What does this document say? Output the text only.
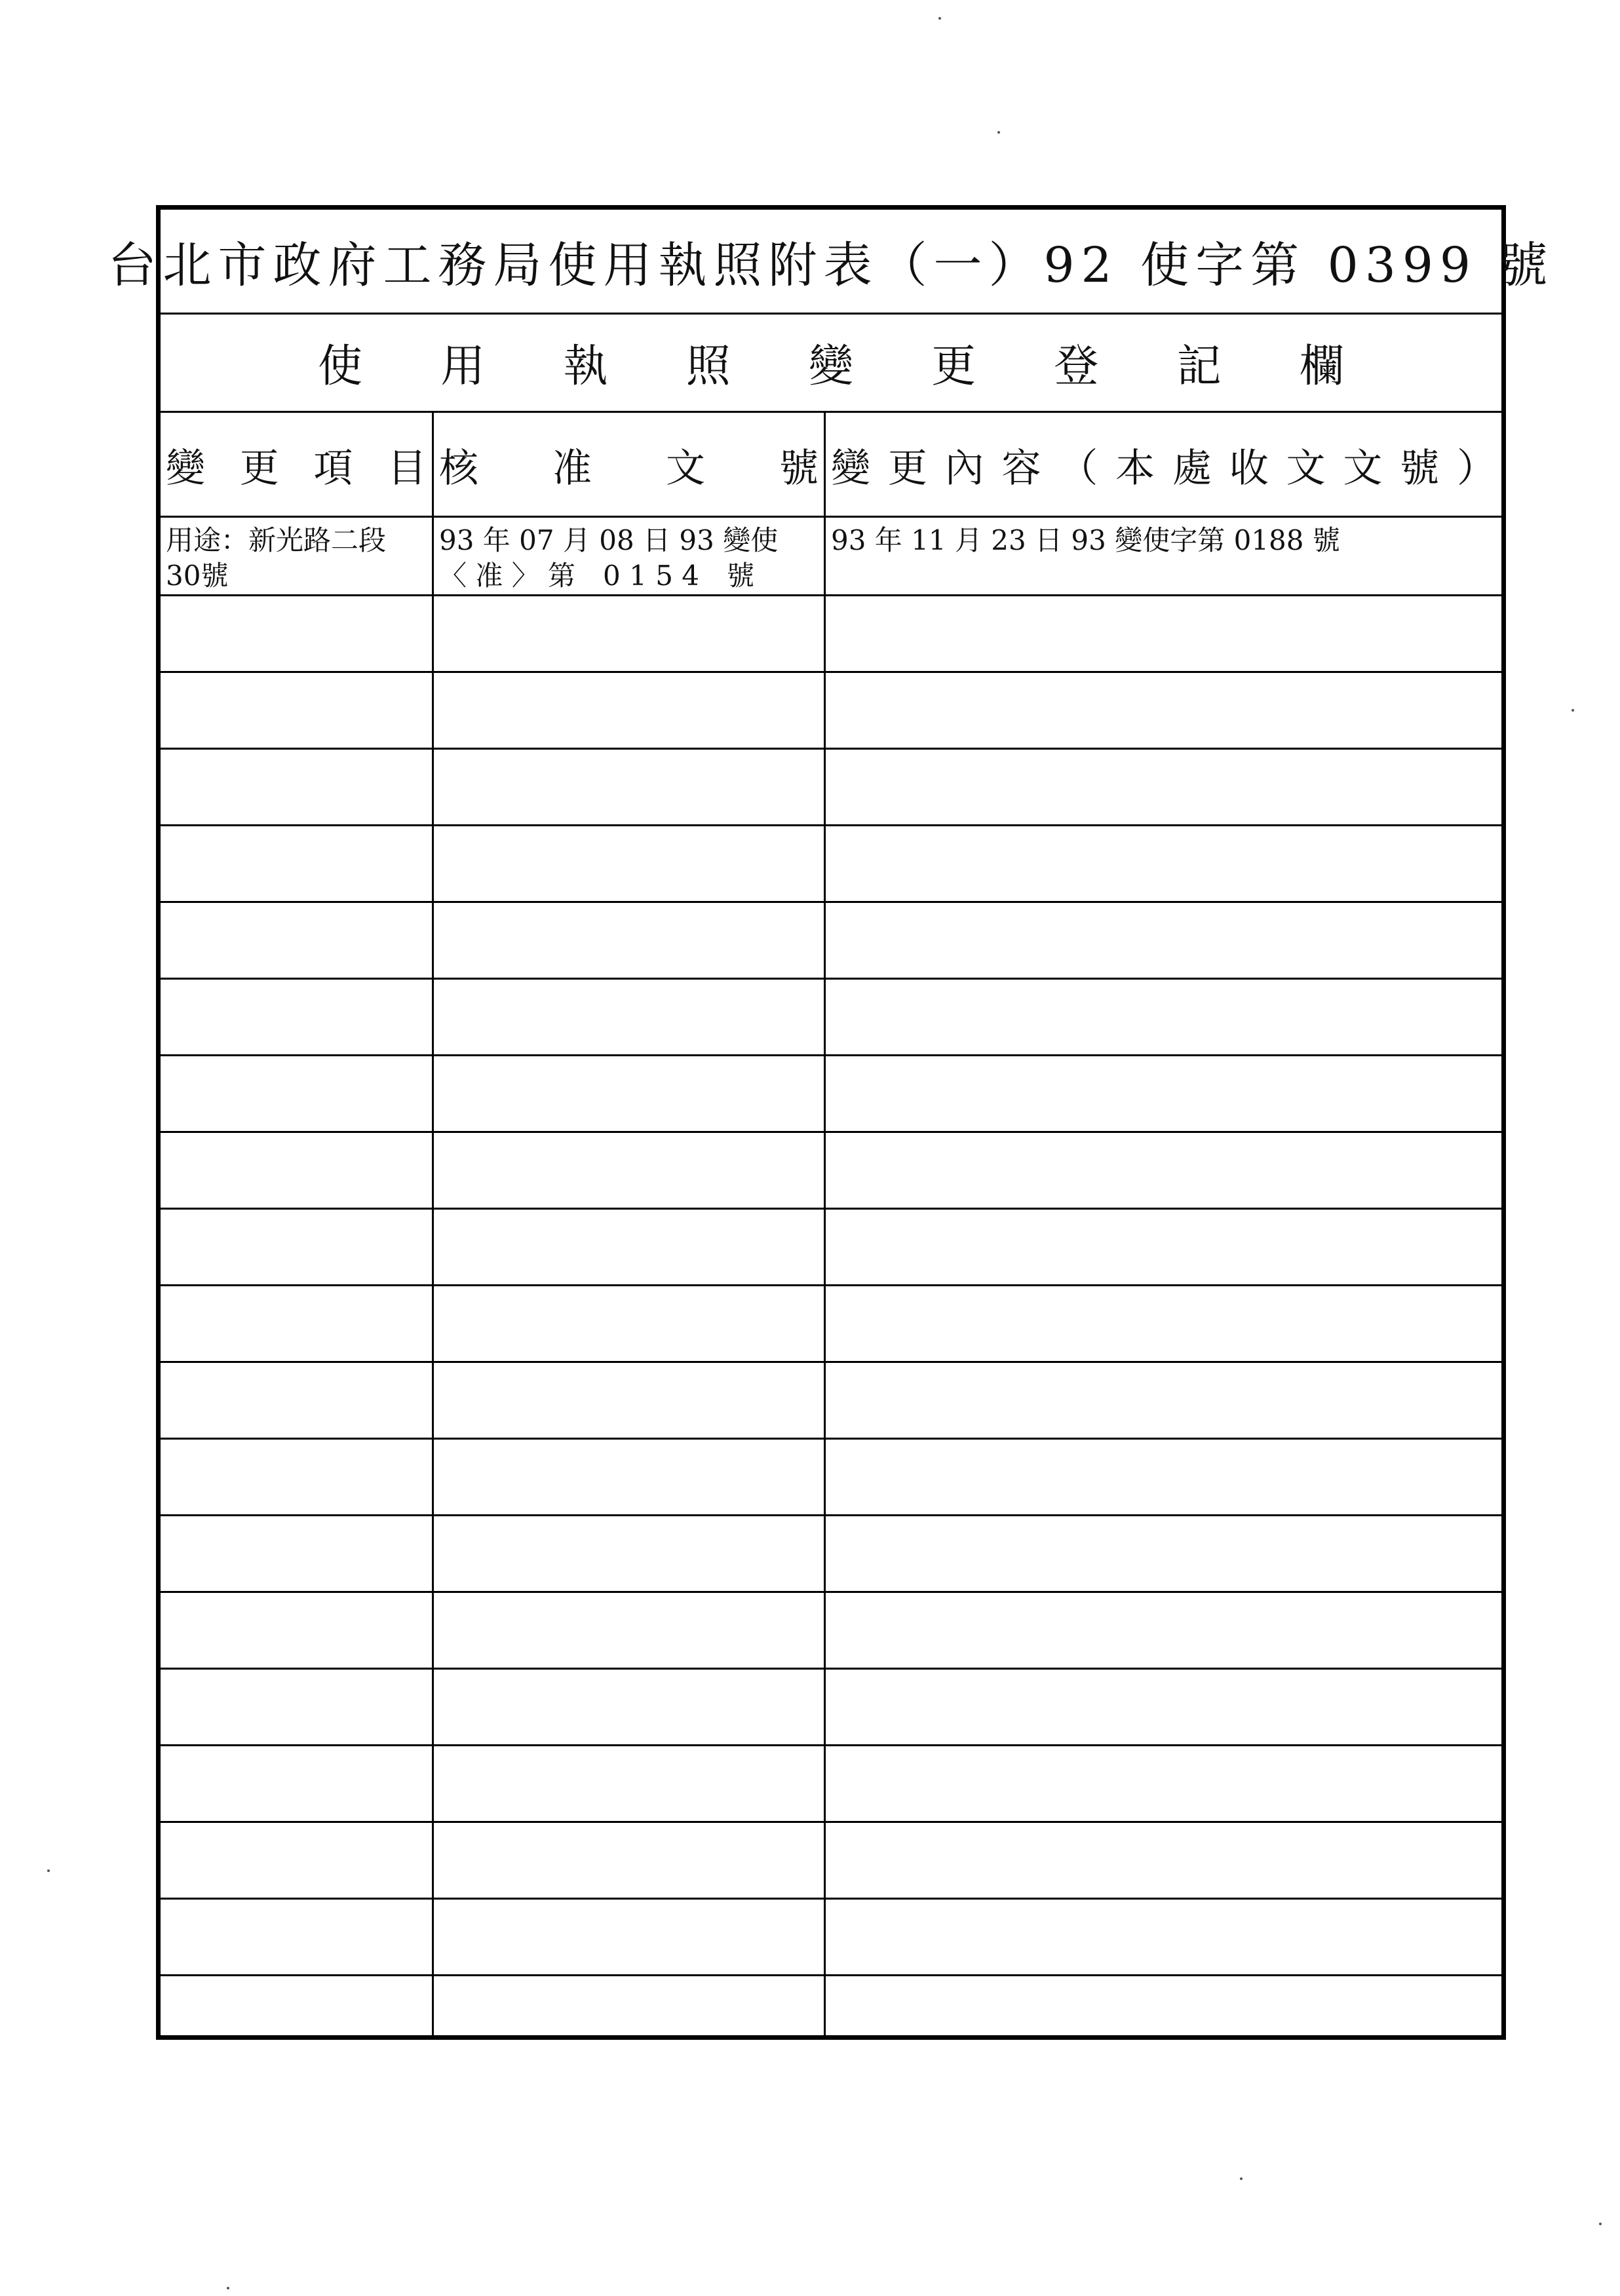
台北市政府工務局使用執照附表（一）92 使字第 0399 號
使 用 執 照 變 更 登 記 欄
變 更 項 目 核 准 文 號 變 更 內 容 （ 本 處 收 文 文 號 ）
用途：新光路二段
30號
93 年 07 月 08 日 93 變使
〈 准 〉 第　0 1 5 4　號
93 年 11 月 23 日 93 變使字第 0188 號
